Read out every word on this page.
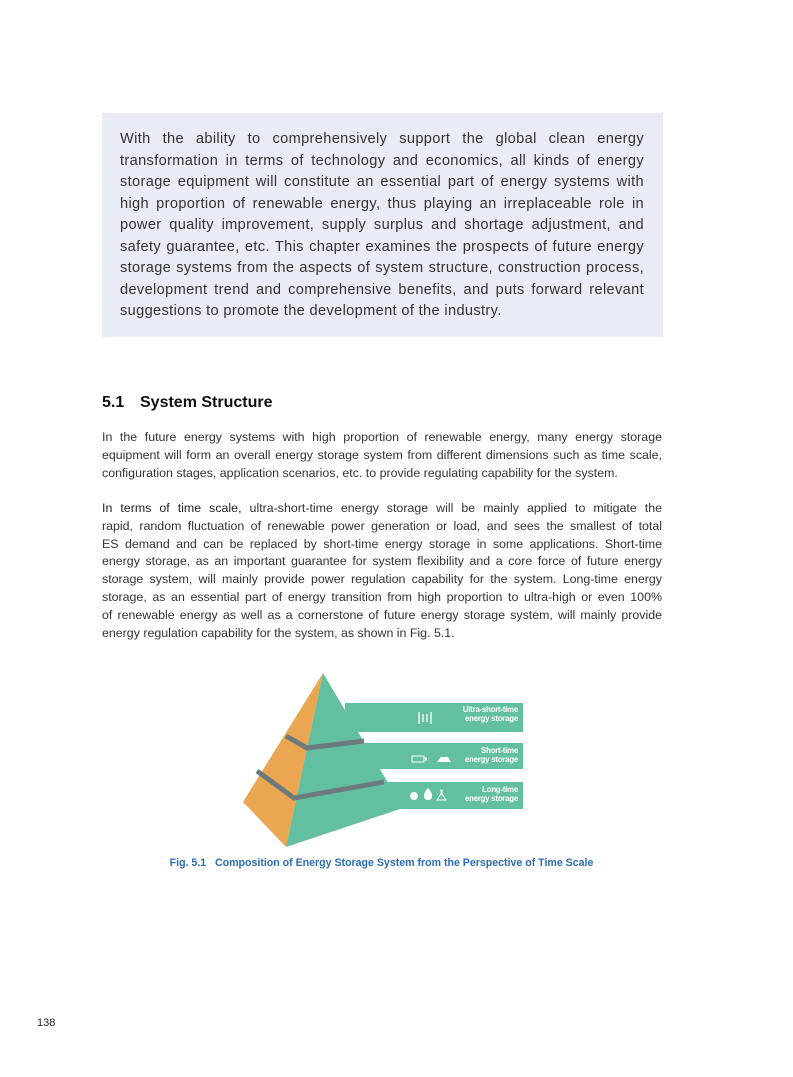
With the ability to comprehensively support the global clean energy
transformation in terms of technology and economics, all kinds of energy
storage equipment will constitute an essential part of energy systems with
high proportion of renewable energy, thus playing an irreplaceable role in
power quality improvement, supply surplus and shortage adjustment, and
safety guarantee, etc. This chapter examines the prospects of future energy
storage systems from the aspects of system structure, construction process,
development trend and comprehensive benefits, and puts forward relevant
suggestions to promote the development of the industry.
5.1 System Structure
In the future energy systems with high proportion of renewable energy, many energy storage
equipment will form an overall energy storage system from different dimensions such as time scale,
configuration stages, application scenarios, etc. to provide regulating capability for the system.
In terms of time scale, ultra-short-time energy storage will be mainly applied to mitigate the
rapid, random fluctuation of renewable power generation or load, and sees the smallest of total
ES demand and can be replaced by short-time energy storage in some applications. Short-time
energy storage, as an important guarantee for system flexibility and a core force of future energy
storage system, will mainly provide power regulation capability for the system. Long-time energy
storage, as an essential part of energy transition from high proportion to ultra-high or even 100%
of renewable energy as well as a cornerstone of future energy storage system, will mainly provide
energy regulation capability for the system, as shown in Fig. 5.1.
Ultra-short-time
energy storage
Short-time
energy storage
Long-time
energy storage
Fig. 5.1 Composition of Energy Storage System from the Perspective of Time Scale
138
